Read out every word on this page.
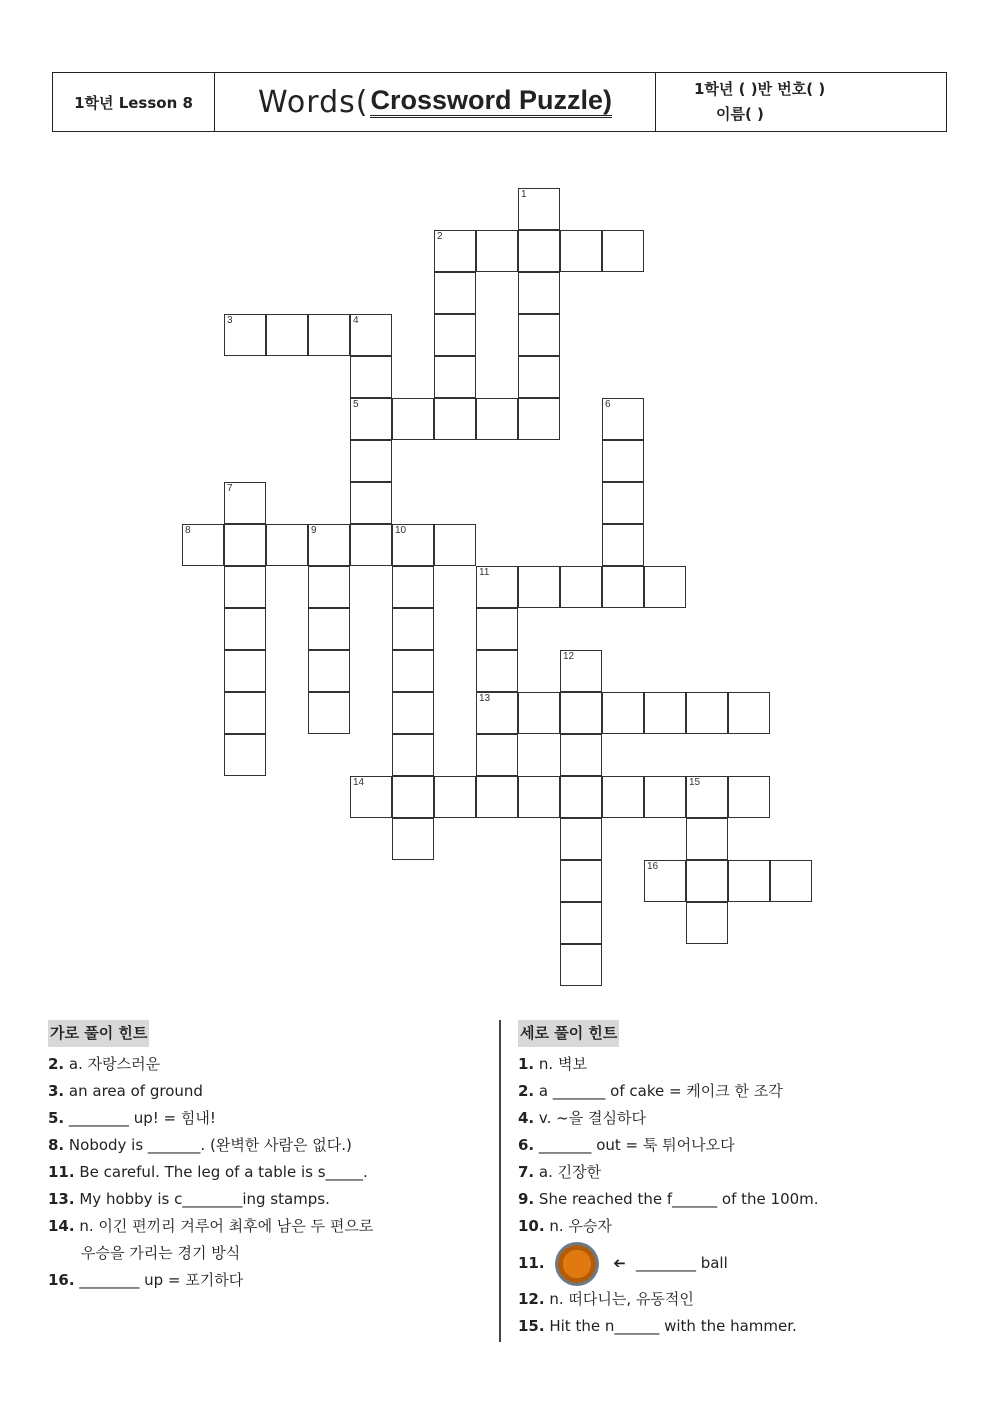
1학년 Lesson 8 Words( Crossword Puzzle)	1학년 ( )반 번호( )
이름( )
2
3	4
5
8	9	10
11
13
14	15
16
1
6
7
12
가로 풀이 힌트
2. a. 자랑스러운
3. an area of ground
5. ________ up! = 힘내!
8. Nobody is _______. (완벽한 사람은 없다.)
11. Be careful. The leg of a table is s_____.
13. My hobby is c________ing stamps.
14. n. 이긴 편끼리 겨루어 최후에 남은 두 편으로
우승을 가리는 경기 방식
16. ________ up = 포기하다
세로 풀이 힌트
1. n. 벽보
2. a _______ of cake = 케이크 한 조각
4. v. ~을 결심하다
6. _______ out = 툭 튀어나오다
7. a. 긴장한
9. She reached the f______ of the 100m.
10. n. 우승자
11.	➔ ________ ball
12. n. 떠다니는, 유동적인
15. Hit the n______ with the hammer.
